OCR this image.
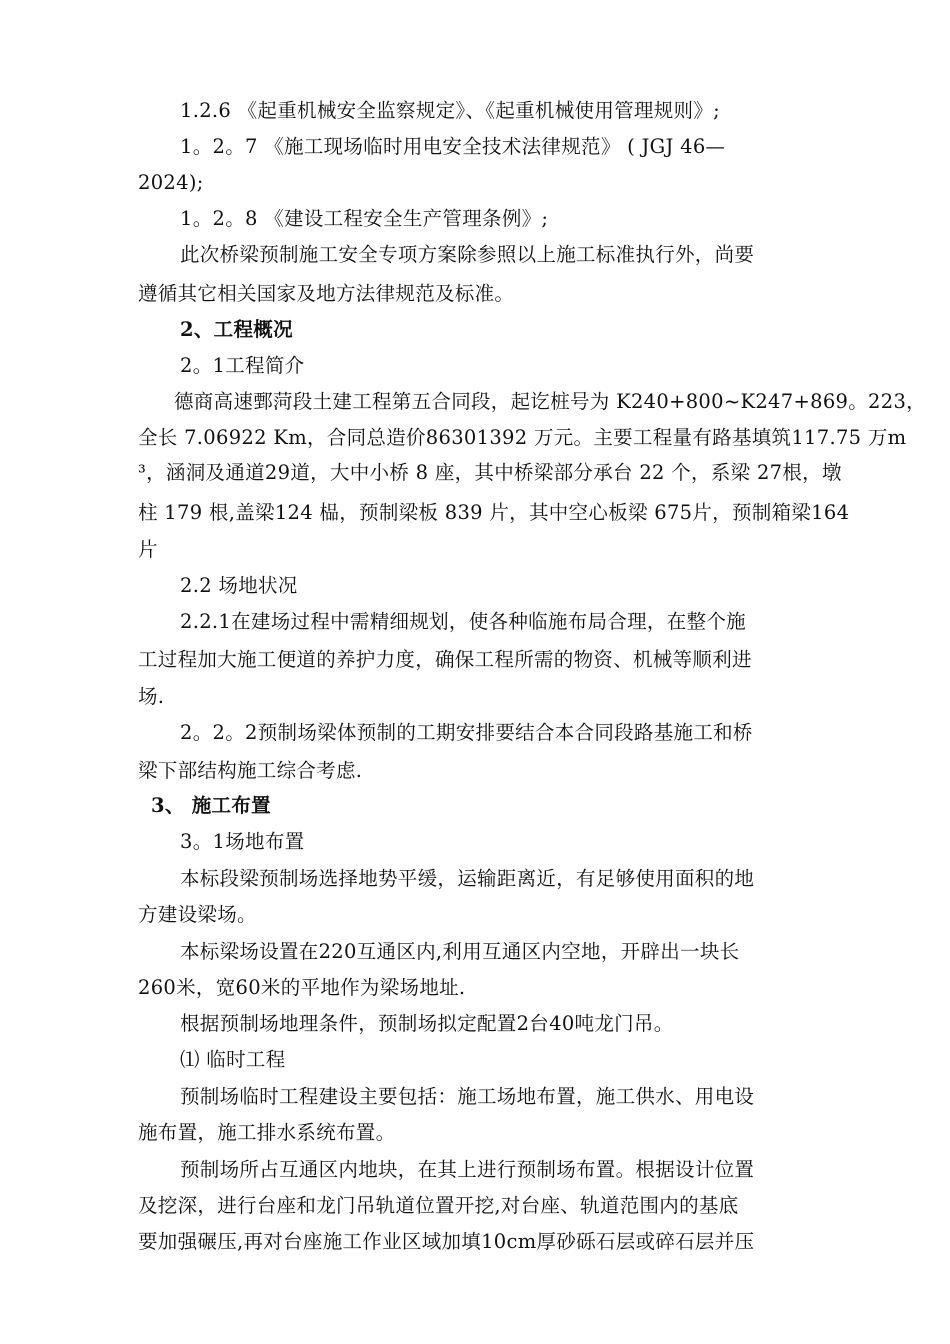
1.2.6 《起重机械安全监察规定》、《起重机械使用管理规则》;
1。2。7 《施工现场临时用电安全技术法律规范》 ( JGJ 46—
2024);
1。2。8 《建设工程安全生产管理条例》;
此次桥梁预制施工安全专项方案除参照以上施工标准执行外，尚要
遵循其它相关国家及地方法律规范及标准。
2、工程概况
2。1工程简介
德商高速鄄菏段土建工程第五合同段，起讫桩号为 K240+800~K247+869。223，
全长 7.06922 Km，合同总造价86301392 万元。主要工程量有路基填筑117.75 万m
³，涵洞及通道29道，大中小桥 8 座，其中桥梁部分承台 22 个，系梁 27根，墩
柱 179 根,盖梁124 榀，预制梁板 839 片，其中空心板梁 675片，预制箱梁164
片
2.2 场地状况
2.2.1在建场过程中需精细规划，使各种临施布局合理，在整个施
工过程加大施工便道的养护力度，确保工程所需的物资、机械等顺利进
场.
2。2。2预制场梁体预制的工期安排要结合本合同段路基施工和桥
梁下部结构施工综合考虑.
3、 施工布置
3。1场地布置
本标段梁预制场选择地势平缓，运输距离近，有足够使用面积的地
方建设梁场。
本标梁场设置在220互通区内,利用互通区内空地，开辟出一块长
260米，宽60米的平地作为梁场地址.
根据预制场地理条件，预制场拟定配置2台40吨龙门吊。
⑴ 临时工程
预制场临时工程建设主要包括：施工场地布置，施工供水、用电设
施布置，施工排水系统布置。
预制场所占互通区内地块，在其上进行预制场布置。根据设计位置
及挖深，进行台座和龙门吊轨道位置开挖,对台座、轨道范围内的基底
要加强碾压,再对台座施工作业区域加填10cm厚砂砾石层或碎石层并压
